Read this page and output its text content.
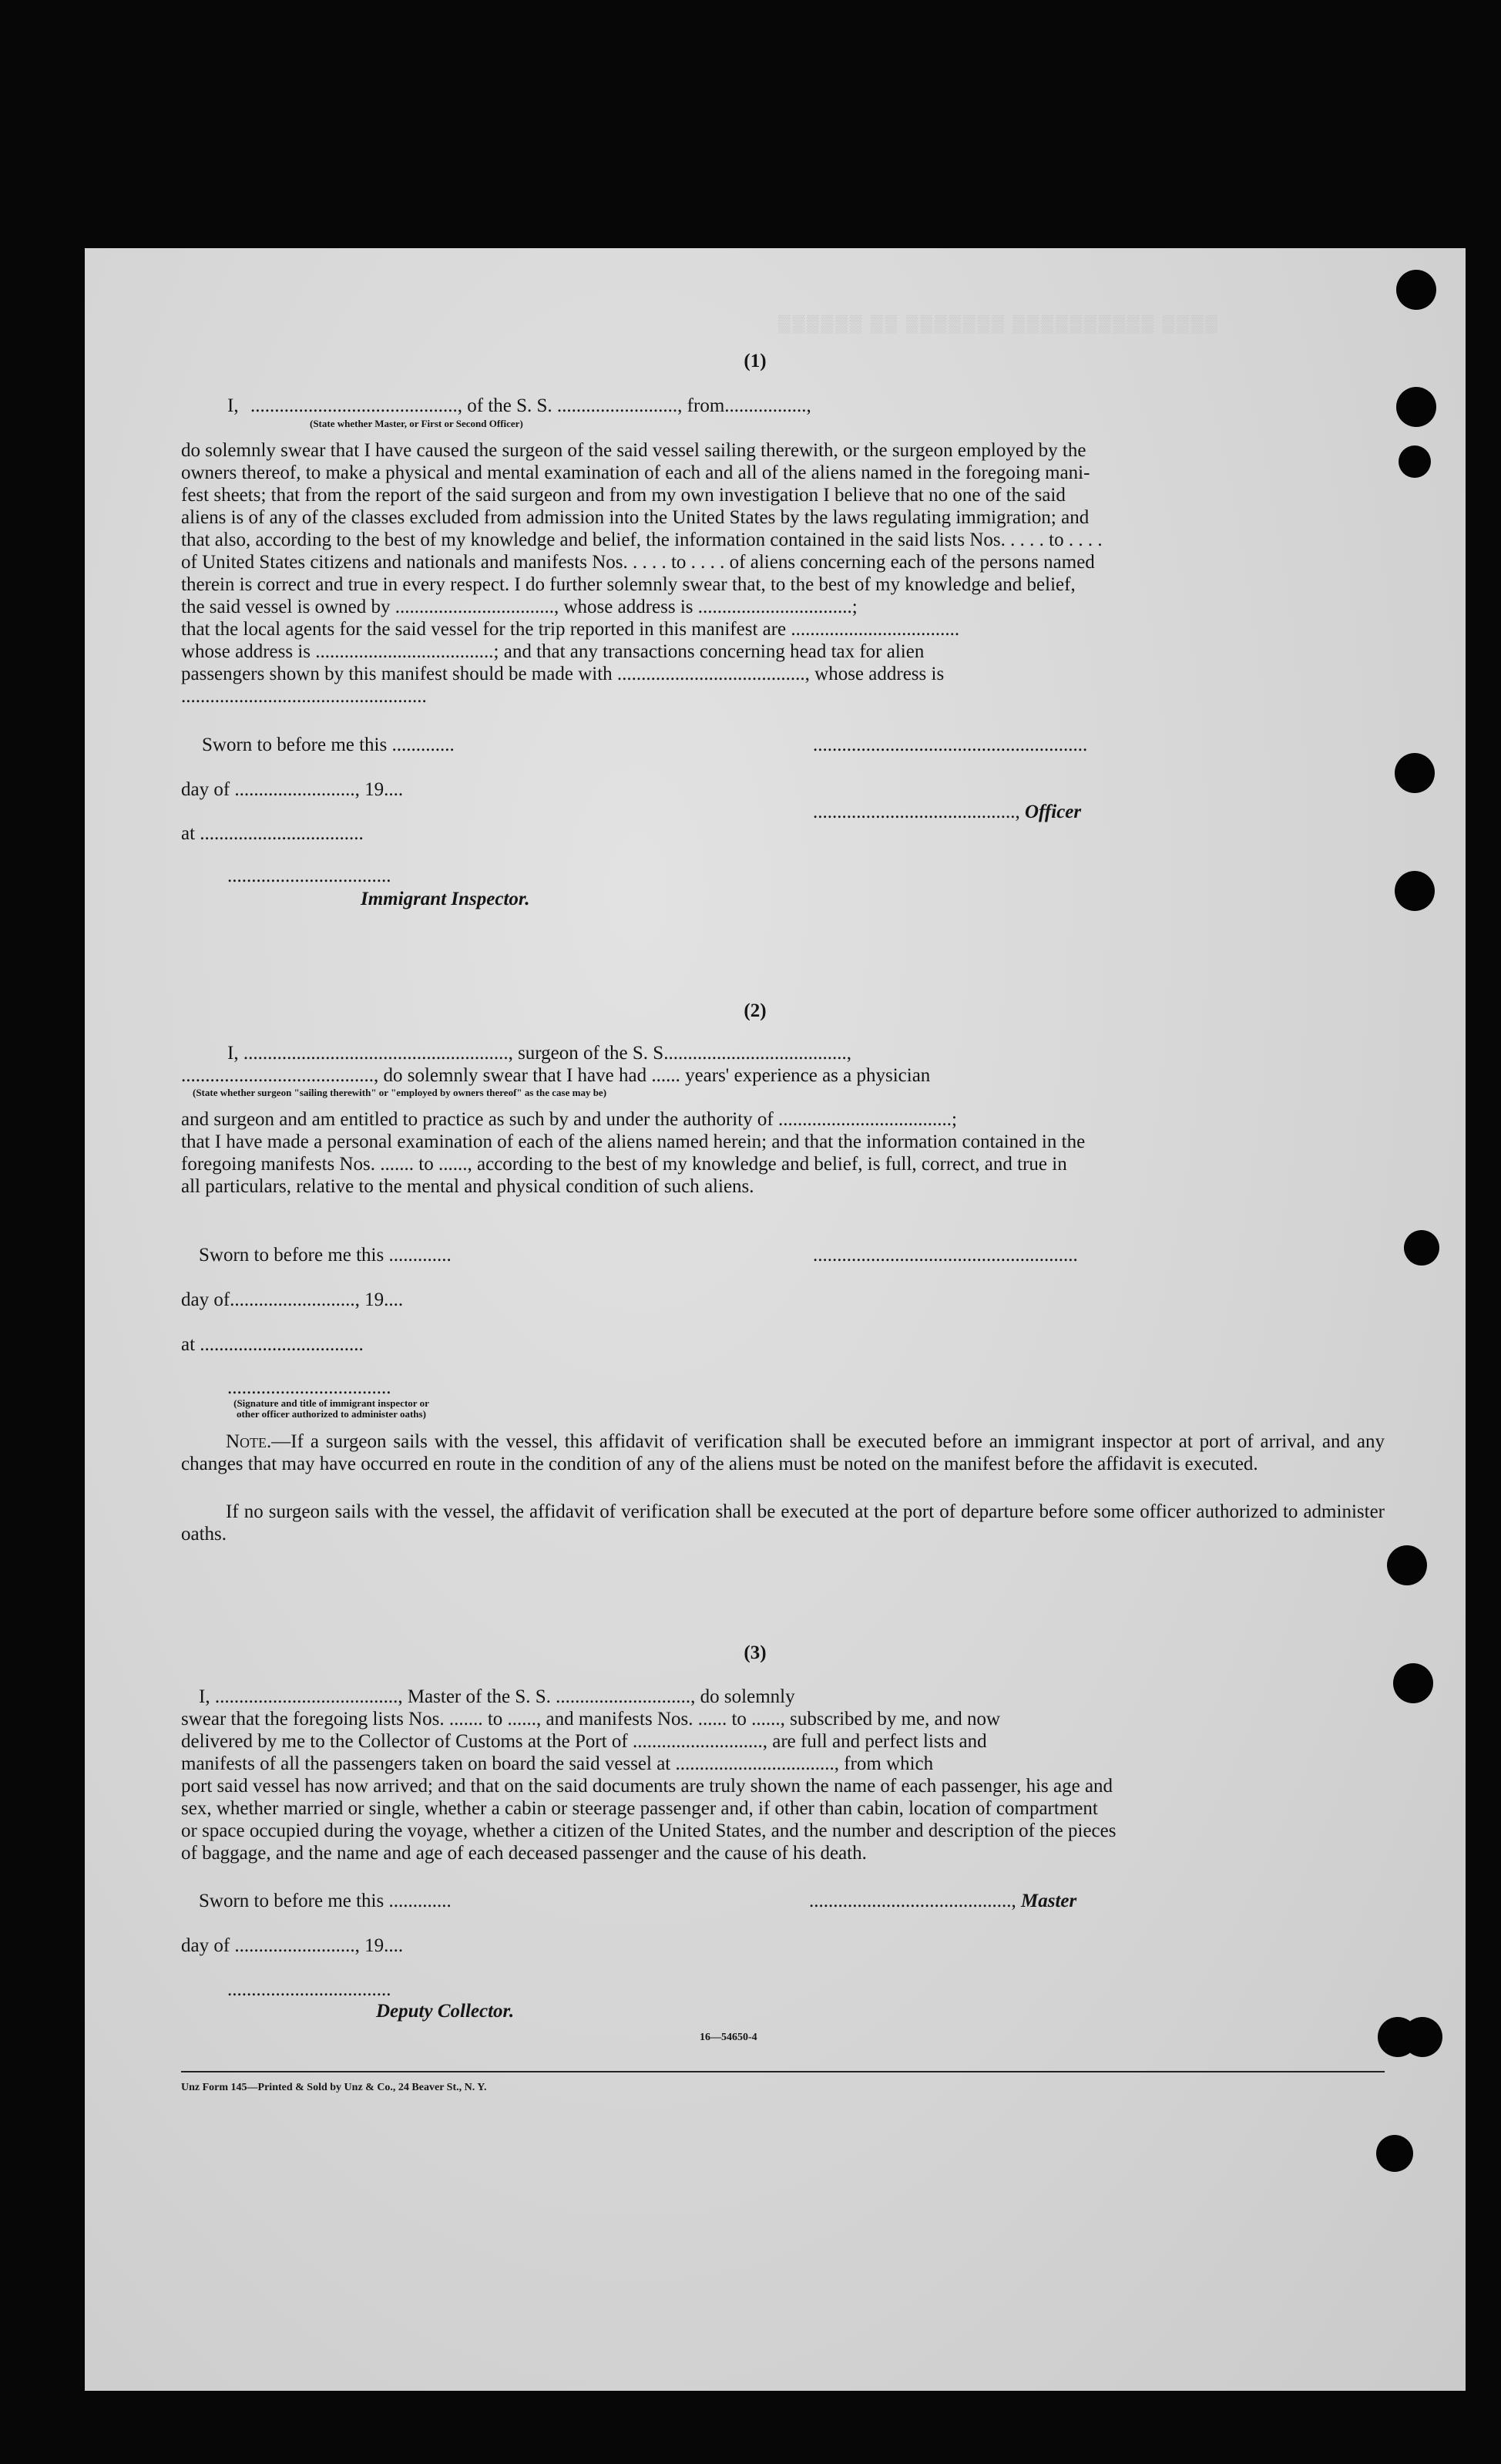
▒▒▒▒▒▒ ▒▒ ▒▒▒▒▒▒▒ ▒▒▒▒▒▒▒▒▒▒ ▒▒▒▒
(1)
I, ..........................................., of the S. S. ........................., from.................,
(State whether Master, or First or Second Officer)
do solemnly swear that I have caused the surgeon of the said vessel sailing therewith, or the surgeon employed by the
owners thereof, to make a physical and mental examination of each and all of the aliens named in the foregoing mani-
fest sheets; that from the report of the said surgeon and from my own investigation I believe that no one of the said
aliens is of any of the classes excluded from admission into the United States by the laws regulating immigration; and
that also, according to the best of my knowledge and belief, the information contained in the said lists Nos. . . . . to . . . .
of United States citizens and nationals and manifests Nos. . . . . to . . . . of aliens concerning each of the persons named
therein is correct and true in every respect. I do further solemnly swear that, to the best of my knowledge and belief,
the said vessel is owned by ................................., whose address is ................................;
that the local agents for the said vessel for the trip reported in this manifest are ...................................
whose address is .....................................; and that any transactions concerning head tax for alien
passengers shown by this manifest should be made with ......................................., whose address is
...................................................
Sworn to before me this .............
day of ........................., 19....
at ..................................
..................................
Immigrant Inspector.
.........................................................
.........................................., Officer
(2)
I, ......................................................., surgeon of the S. S......................................,
........................................, do solemnly swear that I have had ...... years' experience as a physician
(State whether surgeon "sailing therewith" or "employed by owners thereof" as the case may be)
and surgeon and am entitled to practice as such by and under the authority of ....................................;
that I have made a personal examination of each of the aliens named herein; and that the information contained in the
foregoing manifests Nos. ....... to ......, according to the best of my knowledge and belief, is full, correct, and true in
all particulars, relative to the mental and physical condition of such aliens.
Sworn to before me this .............
day of.........................., 19....
at ..................................
..................................
(Signature and title of immigrant inspector or
other officer authorized to administer oaths)
.......................................................
Note.—If a surgeon sails with the vessel, this affidavit of verification shall be executed before an immigrant inspector at port of arrival, and any changes that may have occurred en route in the condition of any of the aliens must be noted on the manifest before the affidavit is executed.
If no surgeon sails with the vessel, the affidavit of verification shall be executed at the port of departure before some officer authorized to administer oaths.
(3)
I, ......................................, Master of the S. S. ............................, do solemnly
swear that the foregoing lists Nos. ....... to ......, and manifests Nos. ...... to ......, subscribed by me, and now
delivered by me to the Collector of Customs at the Port of ..........................., are full and perfect lists and
manifests of all the passengers taken on board the said vessel at ................................., from which
port said vessel has now arrived; and that on the said documents are truly shown the name of each passenger, his age and
sex, whether married or single, whether a cabin or steerage passenger and, if other than cabin, location of compartment
or space occupied during the voyage, whether a citizen of the United States, and the number and description of the pieces
of baggage, and the name and age of each deceased passenger and the cause of his death.
Sworn to before me this .............
day of ........................., 19....
..................................
Deputy Collector.
.........................................., Master
16—54650-4
Unz Form 145—Printed & Sold by Unz & Co., 24 Beaver St., N. Y.
